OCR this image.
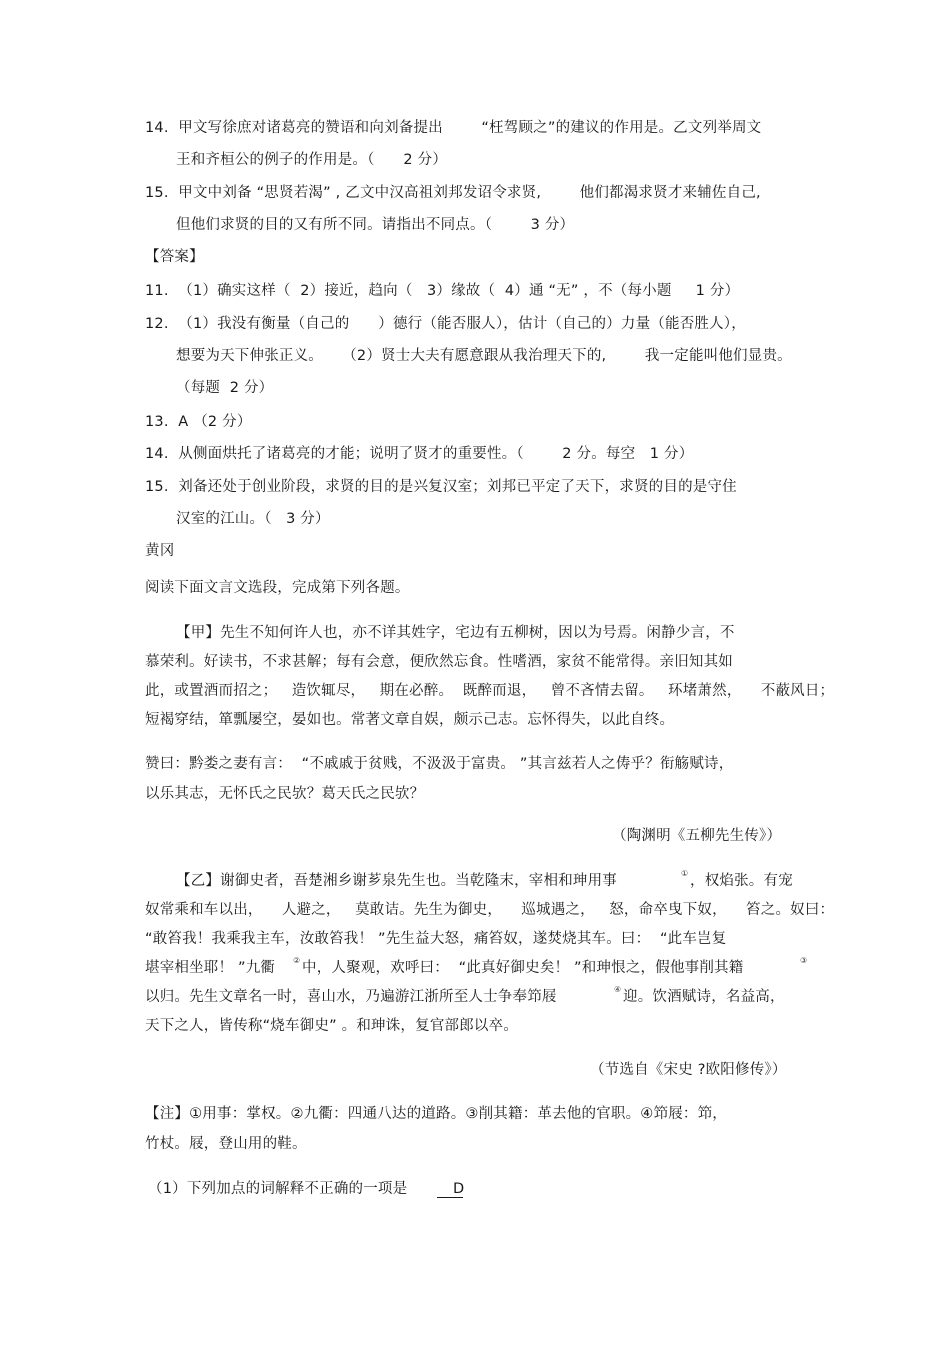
14.  甲文写徐庶对诸葛亮的赞语和向刘备提出        “枉驾顾之”的建议的作用是。乙文列举周文
王和齐桓公的例子的作用是。（      2 分）
15.  甲文中刘备 “思贤若渴” , 乙文中汉高祖刘邦发诏令求贤,        他们都渴求贤才来辅佐自己,
但他们求贤的目的又有所不同。请指出不同点。（        3 分）
【答案】
11.  （1）确实这样（  2）接近，趋向（   3）缘故（  4）通 “无” ，不（每小题     1 分）
12.  （1）我没有衡量（自己的      ）德行（能否服人），估计（自己的）力量（能否胜人），
想要为天下伸张正义。    （2）贤士大夫有愿意跟从我治理天下的,        我一定能叫他们显贵。
（每题  2 分）
13.  A （2 分）
14.  从侧面烘托了诸葛亮的才能；说明了贤才的重要性。（        2 分。每空   1 分）
15.  刘备还处于创业阶段，求贤的目的是兴复汉室；刘邦已平定了天下，求贤的目的是守住
汉室的江山。（   3 分）
黄冈
阅读下面文言文选段，完成第下列各题。
【甲】先生不知何许人也，亦不详其姓字，宅边有五柳树，因以为号焉。闲静少言，不
慕荣利。好读书，不求甚解；每有会意，便欣然忘食。性嗜酒，家贫不能常得。亲旧知其如
此，或置酒而招之；   造饮辄尽，   期在必醉。  既醉而退，   曾不吝情去留。   环堵萧然，    不蔽风日；
短褐穿结，箪瓢屡空，晏如也。常著文章自娱，颇示己志。忘怀得失，以此自终。
赞曰：黔娄之妻有言：  “不戚戚于贫贱，不汲汲于富贵。 ”其言兹若人之俦乎？衔觞赋诗，
以乐其志，无怀氏之民欤？葛天氏之民欤？
（陶渊明《五柳先生传》）
【乙】谢御史者，吾楚湘乡谢芗泉先生也。当乾隆末，宰相和珅用事	① ，权焰张。有宠
奴常乘和车以出，    人避之，   莫敢诘。先生为御史，    巡城遇之，   怒，命卒曳下奴，    笞之。奴曰：
“敢笞我！我乘我主车，汝敢笞我！ ”先生益大怒，痛笞奴，遂焚烧其车。曰：  “此车岂复
堪宰相坐耶！ ”九衢 ② 中，人聚观，欢呼曰：  “此真好御史矣！ ”和珅恨之，假他事削其籍	③
以归。先生文章名一时，喜山水，乃遍游江浙所至人士争奉笻屐	④ 迎。饮酒赋诗，名益高，
天下之人，皆传称“烧车御史” 。和珅诛，复官部郎以卒。
（节选自《宋史 ?欧阳修传》）
【注】①用事：掌权。②九衢：四通八达的道路。③削其籍：革去他的官职。④笻屐：笻，
竹杖。屐，登山用的鞋。
（1）下列加点的词解释不正确的一项是	D
